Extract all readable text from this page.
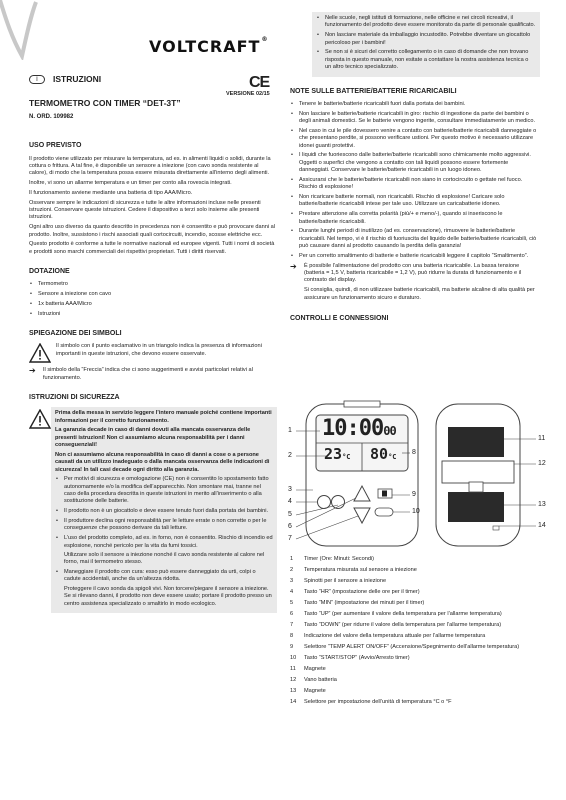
VOLTCRAFT®
I	ISTRUZIONI
TERMOMETRO CON TIMER “DET-3T”
N. ORD. 109982
USO PREVISTO

Il prodotto viene utilizzato per misurare la temperatura, ad es. in alimenti liquidi o solidi, durante la cottura o frittura. A tal fine, è disponibile un sensore a iniezione (con cavo sonda resistente al calore), di modo che la temperatura possa essere misurata direttamente all’interno degli alimenti.

Inoltre, vi sono un allarme temperatura e un timer per conto alla rovescia integrati.

Il funzionamento avviene mediante una batteria di tipo AAA/Micro.

Osservare sempre le indicazioni di sicurezza e tutte le altre informazioni incluse nelle presenti istruzioni. Conservare queste istruzioni. Cedere il dispositivo a terzi solo insieme alle presenti istruzioni.

Ogni altro uso diverso da quanto descritto in precedenza non è consentito e può provocare danni al prodotto. Inoltre, sussistono i rischi associati quali cortocircuiti, incendio, scosse elettriche ecc.

Questo prodotto è conforme a tutte le normative nazionali ed europee vigenti. Tutti i nomi di società e prodotti sono marchi commerciali dei rispettivi proprietari. Tutti i diritti riservati.

DOTAZIONE
• Termometro
• Sensore a iniezione con cavo
• 1x batteria AAA/Micro
• Istruzioni
SPIEGAZIONE DEI SIMBOLI

Il simbolo con il punto esclamativo in un triangolo indica la presenza di informazioni importanti in queste istruzioni, che devono essere osservate.

➔ Il simbolo della “Freccia” indica che ci sono suggerimenti e avvisi particolari relativi al funzionamento.

ISTRUZIONI DI SICUREZZA

Prima della messa in servizio leggere l’intero manuale poiché contiene importanti informazioni per il corretto funzionamento.

La garanzia decade in caso di danni dovuti alla mancata osservanza delle presenti istruzioni! Non ci assumiamo alcuna responsabilità per i danni conseguenziali!

Non ci assumiamo alcuna responsabilità in caso di danni a cose o a persone causati da un utilizzo inadeguato o dalla mancata osservanza delle indicazioni di sicurezza! In tali casi decade ogni diritto alla garanzia.

• Per motivi di sicurezza e omologazione (CE) non è consentito lo spostamento fatto autonomamente e/o la modifica dell’apparecchio. Non smontare mai, tranne nel caso della procedura descritta in queste istruzioni in merito all’inserimento o alla sostituzione delle batterie.
• Il prodotto non è un giocattolo e deve essere tenuto fuori dalla portata dei bambini.
• Il produttore declina ogni responsabilità per le letture errate o non corrette o per le conseguenze che possono derivare da tali letture.
• L’uso del prodotto completo, ad es. in forno, non è consentito. Rischio di incendio ed esplosione, nonché pericolo per la vita da fumi tossici.
Utilizzare solo il sensore a iniezione nonché il cavo sonda resistente al calore nel forno, mai il termometro stesso.
• Maneggiare il prodotto con cura: esso può essere danneggiato da urti, colpi o cadute accidentali, anche da un’altezza ridotta.
Proteggere il cavo sonda da spigoli vivi. Non torcere/piegare il sensore a iniezione.
Se si rilevano danni, il prodotto non deve essere usato; portare il prodotto presso un centro assistenza specializzato o smaltirlo in modo ecologico.
CE
VERSIONE 02/15
• Nelle scuole, negli istituti di formazione, nelle officine e nei circoli ricreativi, il funzionamento del prodotto deve essere monitorato da parte di personale qualificato.
• Non lasciare materiale da imballaggio incustodito. Potrebbe diventare un giocattolo pericoloso per i bambini!
• Se non si è sicuri del corretto collegamento o in caso di domande che non trovano risposta in questo manuale, non esitate a contattare la nostra assistenza tecnica o un altro tecnico specializzato.
NOTE SULLE BATTERIE/BATTERIE RICARICABILI
• Tenere le batterie/batterie ricaricabili fuori dalla portata dei bambini.
• Non lasciare le batterie/batterie ricaricabili in giro: rischio di ingestione da parte dei bambini o degli animali domestici. Se le batterie vengono ingerite, consultare immediatamente un medico.
• Nel caso in cui le pile dovessero venire a contatto con batterie/batterie ricaricabili danneggiate o che presentano perdite, si possono verificare ustioni. Per questo motivo è necessario utilizzare idonei guanti protettivi.
• I liquidi che fuoriescono dalle batterie/batterie ricaricabili sono chimicamente molto aggressivi. Oggetti o superfici che vengono a contatto con tali liquidi possono essere fortemente danneggiati. Conservare le batterie/batterie ricaricabili in un luogo idoneo.
• Assicurarsi che le batterie/batterie ricaricabili non siano in cortocircuito o gettate nel fuoco. Rischio di esplosione!
• Non ricaricare batterie normali, non ricaricabili. Rischio di esplosione! Caricare solo batterie/batterie ricaricabili intese per tale uso. Utilizzare un caricabatterie idoneo.
• Prestare attenzione alla corretta polarità (più/+ e meno/-), quando si inseriscono le batterie/batterie ricaricabili.
• Durante lunghi periodi di inutilizzo (ad es. conservazione), rimuovere le batterie/batterie ricaricabili. Nel tempo, vi è il rischio di fuoriuscita del liquido delle batterie/batterie ricaricabili, ciò può causare danni al prodotto causando la perdita della garanzia!
• Per un corretto smaltimento di batterie e batterie ricaricabili leggere il capitolo “Smaltimento”.
➔ È possibile l’alimentazione del prodotto con una batteria ricaricabile. La bassa tensione (batteria = 1,5 V, batteria ricaricabile = 1,2 V), può ridurre la durata di funzionamento e il contrasto del display.

Si consiglia, quindi, di non utilizzare batterie ricaricabili, ma batterie alcaline di alta qualità per assicurare un funzionamento sicuro e duraturo.

CONTROLLI E CONNESSIONI
10:0000
23°C 80°C
1
2
3
4
5
6
7
8
9
10
11
12
13
14
1	Timer (Ore: Minuti: Secondi)
2	Temperatura misurata sul sensore a iniezione
3	Spinotti per il sensore a iniezione
4	Tasto “HR” (impostazione delle ore per il timer)
5	Tasto “MIN” (impostazione dei minuti per il timer)
6	Tasto “UP” (per aumentare il valore della temperatura per l’allarme temperatura)
7	Tasto “DOWN” (per ridurre il valore della temperatura per l’allarme temperatura)
8	Indicazione del valore della temperatura attuale per l’allarme temperatura
9	Selettore “TEMP ALERT ON/OFF” (Accensione/Spegnimento dell’allarme temperatura)
10	Tasto “START/STOP” (Avvio/Arresto timer)
11	Magnete
12	Vano batteria
13	Magnete
14	Selettore per impostazione dell’unità di temperatura °C o °F
